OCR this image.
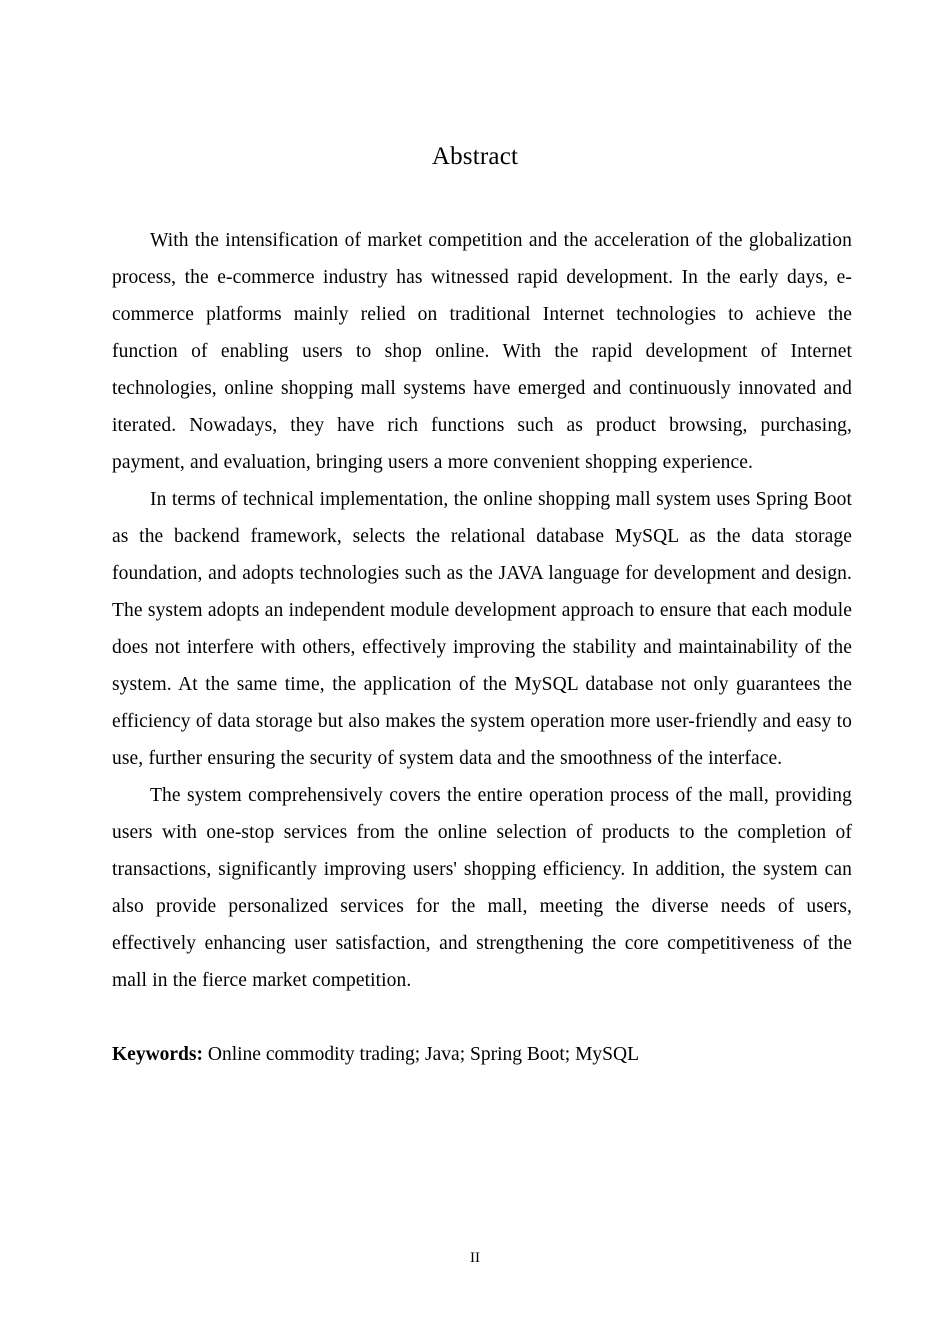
Abstract

With the intensification of market competition and the acceleration of the globalization process, the e-commerce industry has witnessed rapid development. In the early days, e-commerce platforms mainly relied on traditional Internet technologies to achieve the function of enabling users to shop online. With the rapid development of Internet technologies, online shopping mall systems have emerged and continuously innovated and iterated. Nowadays, they have rich functions such as product browsing, purchasing, payment, and evaluation, bringing users a more convenient shopping experience.

In terms of technical implementation, the online shopping mall system uses Spring Boot as the backend framework, selects the relational database MySQL as the data storage foundation, and adopts technologies such as the JAVA language for development and design. The system adopts an independent module development approach to ensure that each module does not interfere with others, effectively improving the stability and maintainability of the system. At the same time, the application of the MySQL database not only guarantees the efficiency of data storage but also makes the system operation more user-friendly and easy to use, further ensuring the security of system data and the smoothness of the interface.

The system comprehensively covers the entire operation process of the mall, providing users with one-stop services from the online selection of products to the completion of transactions, significantly improving users' shopping efficiency. In addition, the system can also provide personalized services for the mall, meeting the diverse needs of users, effectively enhancing user satisfaction, and strengthening the core competitiveness of the mall in the fierce market competition.

Keywords: Online commodity trading; Java; Spring Boot; MySQL

II
